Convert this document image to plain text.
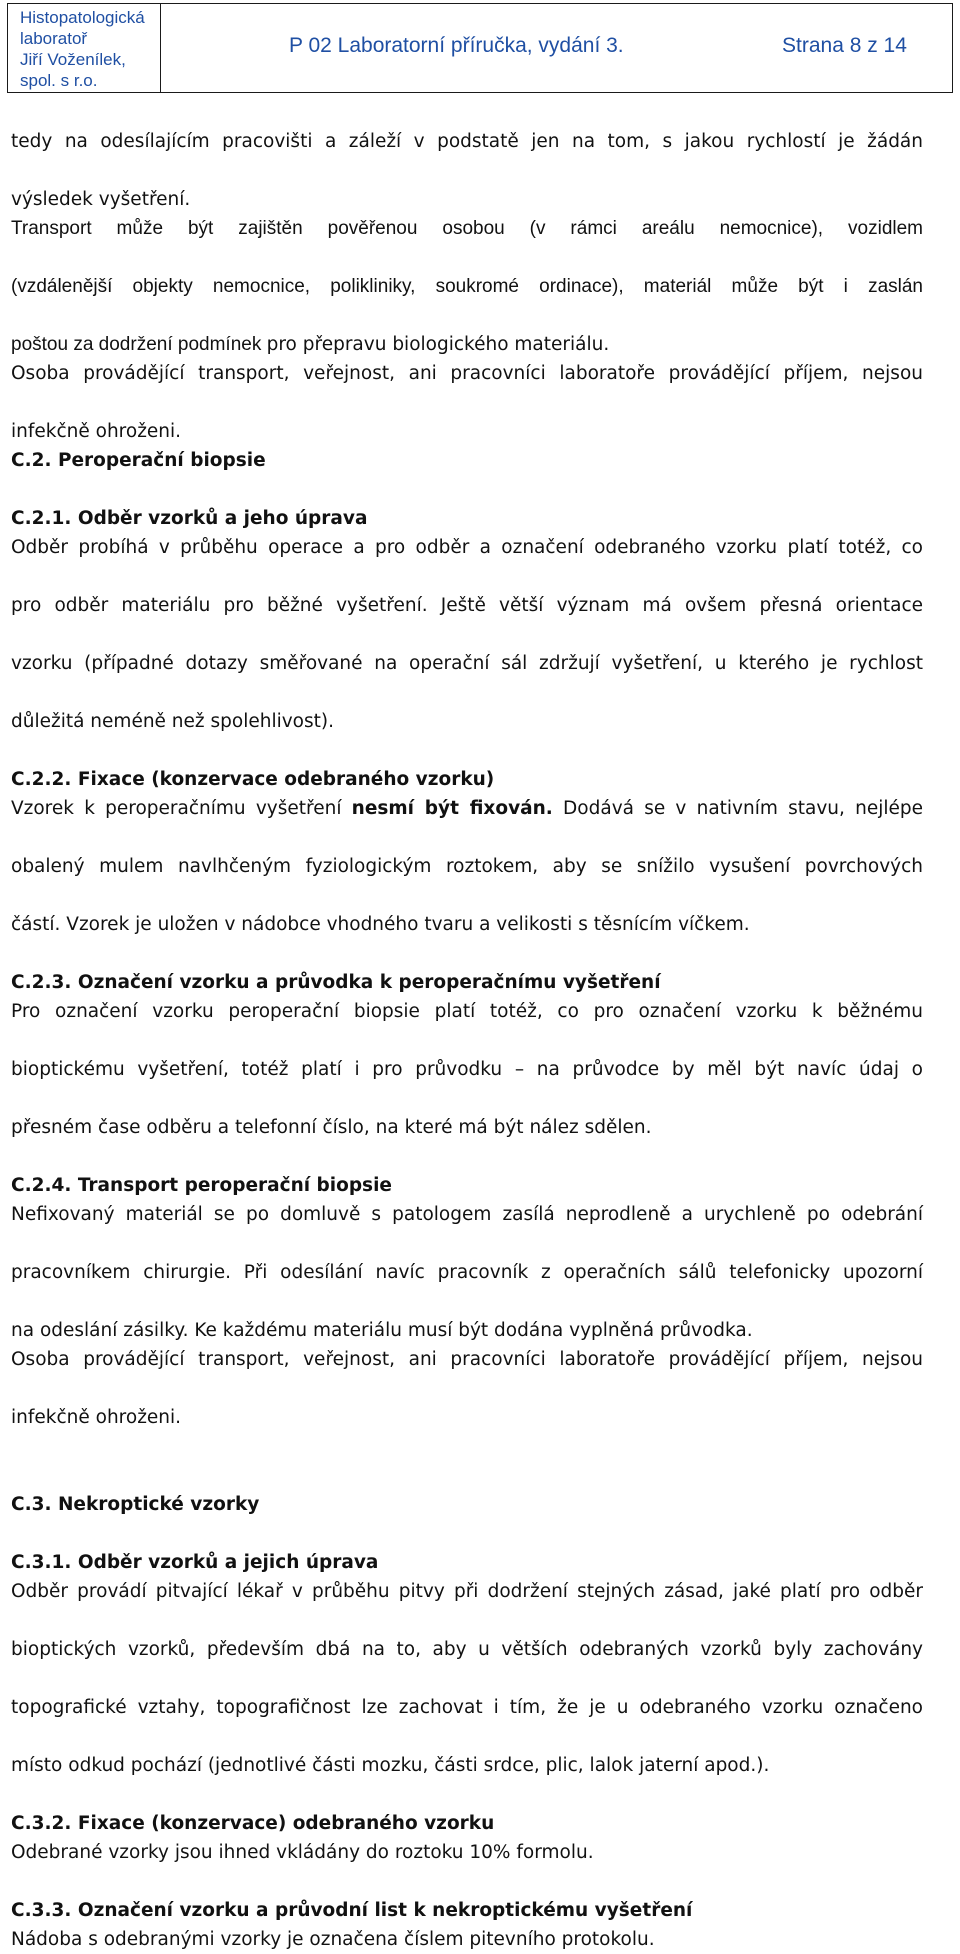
Histopatologická
laboratoř
Jiří Voženílek,
spol. s r.o.
P 02 Laboratorní příručka, vydání 3.	Strana 8 z 14

tedy na odesílajícím pracovišti a záleží v podstatě jen na tom, s jakou rychlostí je žádán

výsledek vyšetření.

Transport může být zajištěn pověřenou osobou (v rámci areálu nemocnice), vozidlem

(vzdálenější objekty nemocnice, polikliniky, soukromé ordinace), materiál může být i zaslán

poštou za dodržení podmínek pro přepravu biologického materiálu.

Osoba provádějící transport, veřejnost, ani pracovníci laboratoře provádějící příjem, nejsou

infekčně ohroženi.

C.2. Peroperační biopsie

C.2.1. Odběr vzorků a jeho úprava

Odběr probíhá v průběhu operace a pro odběr a označení odebraného vzorku platí totéž, co

pro odběr materiálu pro běžné vyšetření. Ještě větší význam má ovšem přesná orientace

vzorku (případné dotazy směřované na operační sál zdržují vyšetření, u kterého je rychlost

důležitá neméně než spolehlivost).

C.2.2. Fixace (konzervace odebraného vzorku)

Vzorek k peroperačnímu vyšetření nesmí být fixován. Dodává se v nativním stavu, nejlépe

obalený mulem navlhčeným fyziologickým roztokem, aby se snížilo vysušení povrchových

částí. Vzorek je uložen v nádobce vhodného tvaru a velikosti s těsnícím víčkem.

C.2.3. Označení vzorku a průvodka k peroperačnímu vyšetření

Pro označení vzorku peroperační biopsie platí totéž, co pro označení vzorku k běžnému

bioptickému vyšetření, totéž platí i pro průvodku – na průvodce by měl být navíc údaj o

přesném čase odběru a telefonní číslo, na které má být nález sdělen.

C.2.4. Transport peroperační biopsie

Nefixovaný materiál se po domluvě s patologem zasílá neprodleně a urychleně po odebrání

pracovníkem chirurgie. Při odesílání navíc pracovník z operačních sálů telefonicky upozorní

na odeslání zásilky. Ke každému materiálu musí být dodána vyplněná průvodka.

Osoba provádějící transport, veřejnost, ani pracovníci laboratoře provádějící příjem, nejsou

infekčně ohroženi.

C.3. Nekroptické vzorky

C.3.1. Odběr vzorků a jejich úprava

Odběr provádí pitvající lékař v průběhu pitvy při dodržení stejných zásad, jaké platí pro odběr

bioptických vzorků, především dbá na to, aby u větších odebraných vzorků byly zachovány

topografické vztahy, topografičnost lze zachovat i tím, že je u odebraného vzorku označeno

místo odkud pochází (jednotlivé části mozku, části srdce, plic, lalok jaterní apod.).

C.3.2. Fixace (konzervace) odebraného vzorku

Odebrané vzorky jsou ihned vkládány do roztoku 10% formolu.

C.3.3. Označení vzorku a průvodní list k nekroptickému vyšetření

Nádoba s odebranými vzorky je označena číslem pitevního protokolu.
